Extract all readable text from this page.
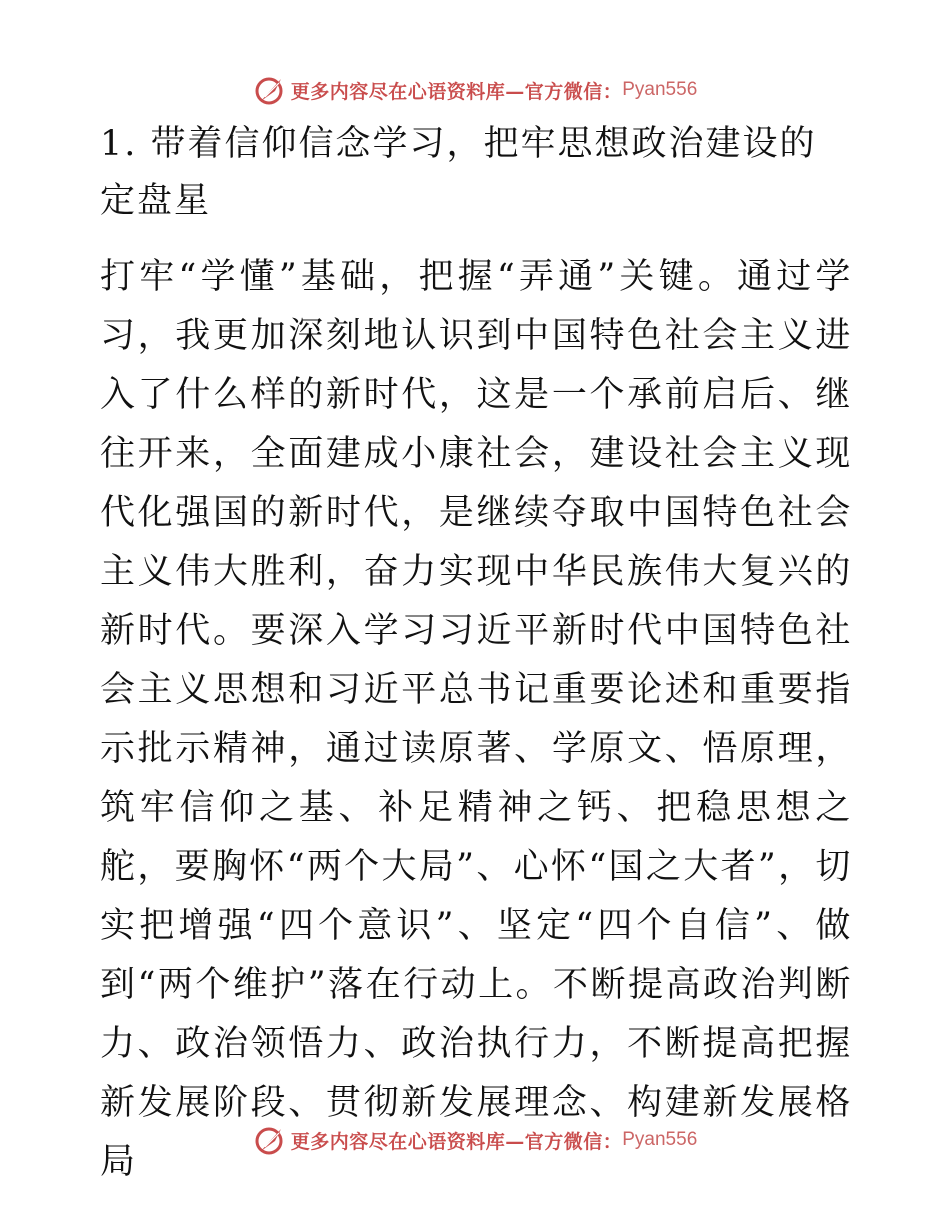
更多内容尽在心语资料库—官方微信： Pyan556
1. 带着信仰信念学习，把牢思想政治建设的定盘星

打牢“学懂”基础，把握“弄通”关键。通过学习，我更加深刻地认识到中国特色社会主义进入了什么样的新时代，这是一个承前启后、继往开来，全面建成小康社会，建设社会主义现代化强国的新时代，是继续夺取中国特色社会主义伟大胜利，奋力实现中华民族伟大复兴的新时代。要深入学习习近平新时代中国特色社会主义思想和习近平总书记重要论述和重要指示批示精神，通过读原著、学原文、悟原理，筑牢信仰之基、补足精神之钙、把稳思想之舵，要胸怀“两个大局”、心怀“国之大者”，切实把增强“四个意识”、坚定“四个自信”、做到“两个维护”落在行动上。不断提高政治判断力、政治领悟力、政治执行力，不断提高把握新发展阶段、贯彻新发展理念、构建新发展格局

更多内容尽在心语资料库—官方微信： Pyan556
